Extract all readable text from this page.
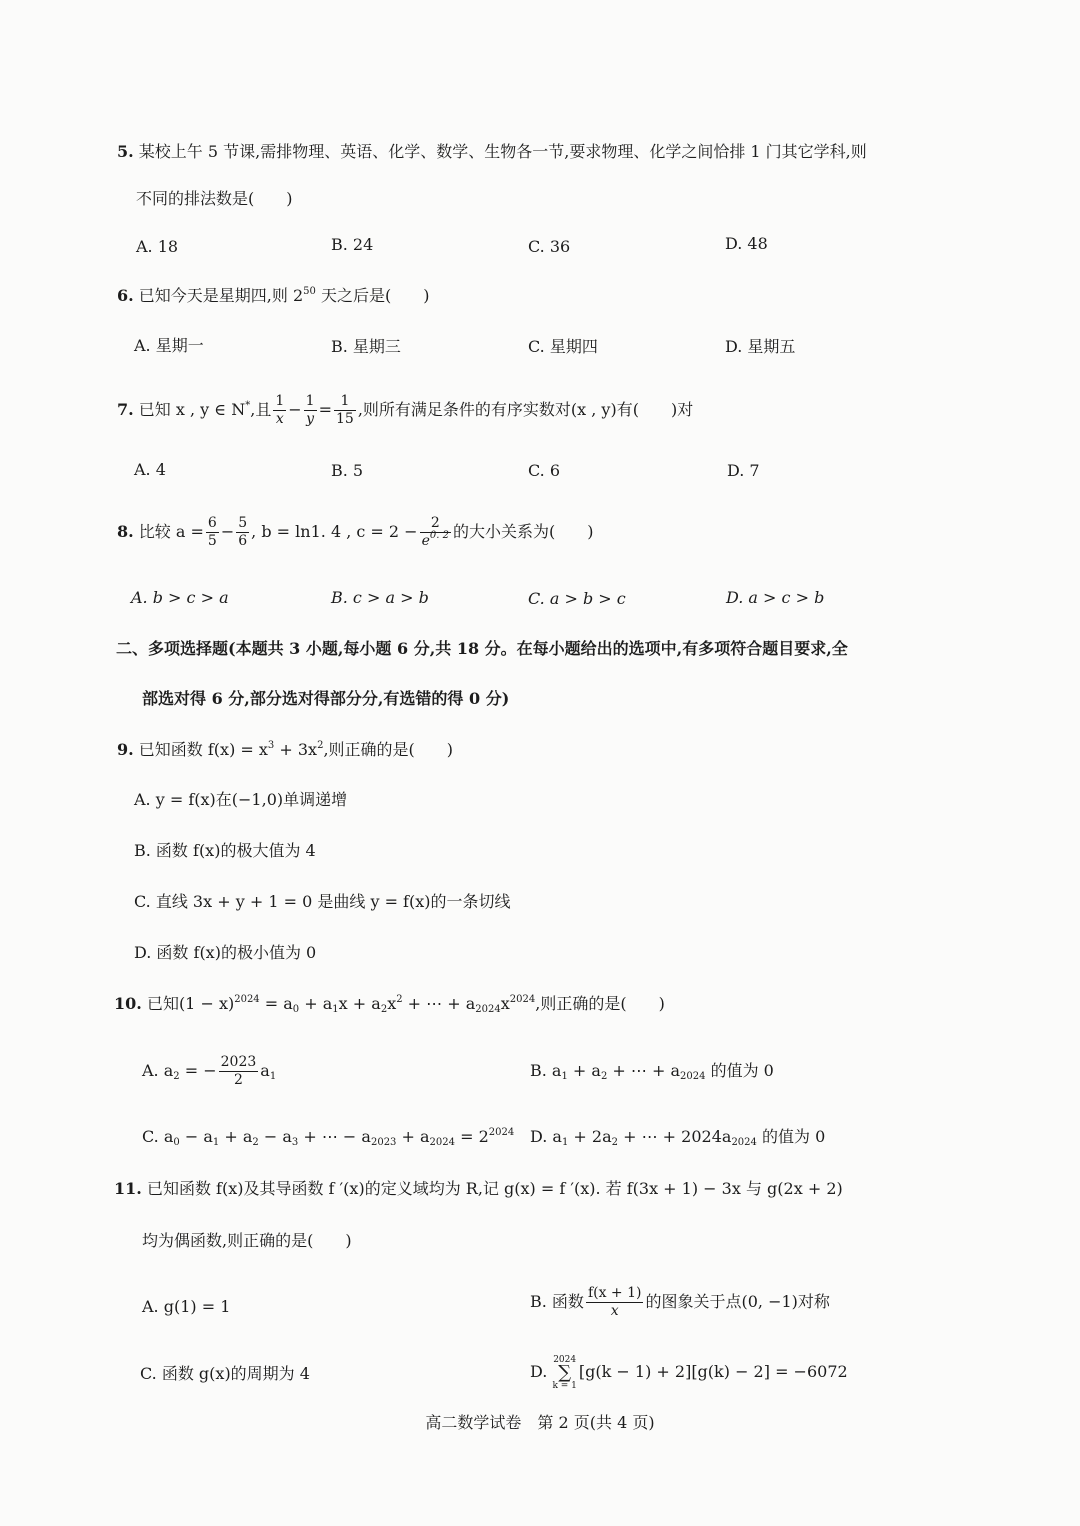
5. 某校上午 5 节课,需排物理、英语、化学、数学、生物各一节,要求物理、化学之间恰排 1 门其它学科,则
不同的排法数是(　　)
A. 18	B. 24	C. 36	D. 48
6. 已知今天是星期四,则 $2^{50}$ 天之后是(　　)
A. 星期一	B. 星期三	C. 星期四	D. 星期五
7. 已知 x , y ∈ N*,且 $\frac{1}{x} - \frac{1}{y} = \frac{1}{15}$ ,则所有满足条件的有序实数对(x , y)有(　　)对
A. 4	B. 5	C. 6	D. 7
8. 比较 $a = \frac{6}{5} - \frac{5}{6}$ , b = ln1. 4 , $c = 2 - \frac{2}{e^{0. 2}}$ 的大小关系为(　　)
A. b > c > a	B. c > a > b	C. a > b > c	D. a > c > b
二、多项选择题(本题共 3 小题,每小题 6 分,共 18 分。在每小题给出的选项中,有多项符合题目要求,全
部选对得 6 分,部分选对得部分分,有选错的得 0 分)
9. 已知函数 $f(x) = x^3 + 3x^2$,则正确的是(　　)
A. y = f(x)在(−1,0)单调递增
B. 函数 f(x)的极大值为 4
C. 直线 3x + y + 1 = 0 是曲线 y = f(x)的一条切线
D. 函数 f(x)的极小值为 0
10. 已知$(1 - x)^{2024} = a_0 + a_1x + a_2x^2$ + ⋯ + $a_{2024}x^{2024}$,则正确的是(　　)
A. $a_2$ = − $\frac{2023}{2} a_1$	B. $a_1 + a_2$ + ⋯ + $a_{2024}$ 的值为 0
C. $a_0 - a_1 + a_2 - a_3$ + ⋯ − $a_{2023} + a_{2024} = 2^{2024}$ D. $a_1 + 2a_2$ + ⋯ + $2024a_{2024}$ 的值为 0
11. 已知函数 f(x)及其导函数 f ′(x)的定义域均为 R,记 g(x) = f ′(x). 若 f(3x + 1) − 3x 与 g(2x + 2)
均为偶函数,则正确的是(　　)
A. g(1) = 1	B. 函数 $\frac{f(x + 1)}{x}$ 的图象关于点(0, −1)对称
C. 函数 g(x)的周期为 4	D.
2024
∑
k = 1
[g(k − 1) + 2][g(k) − 2] = −6072
高二数学试卷　第 2 页(共 4 页)
